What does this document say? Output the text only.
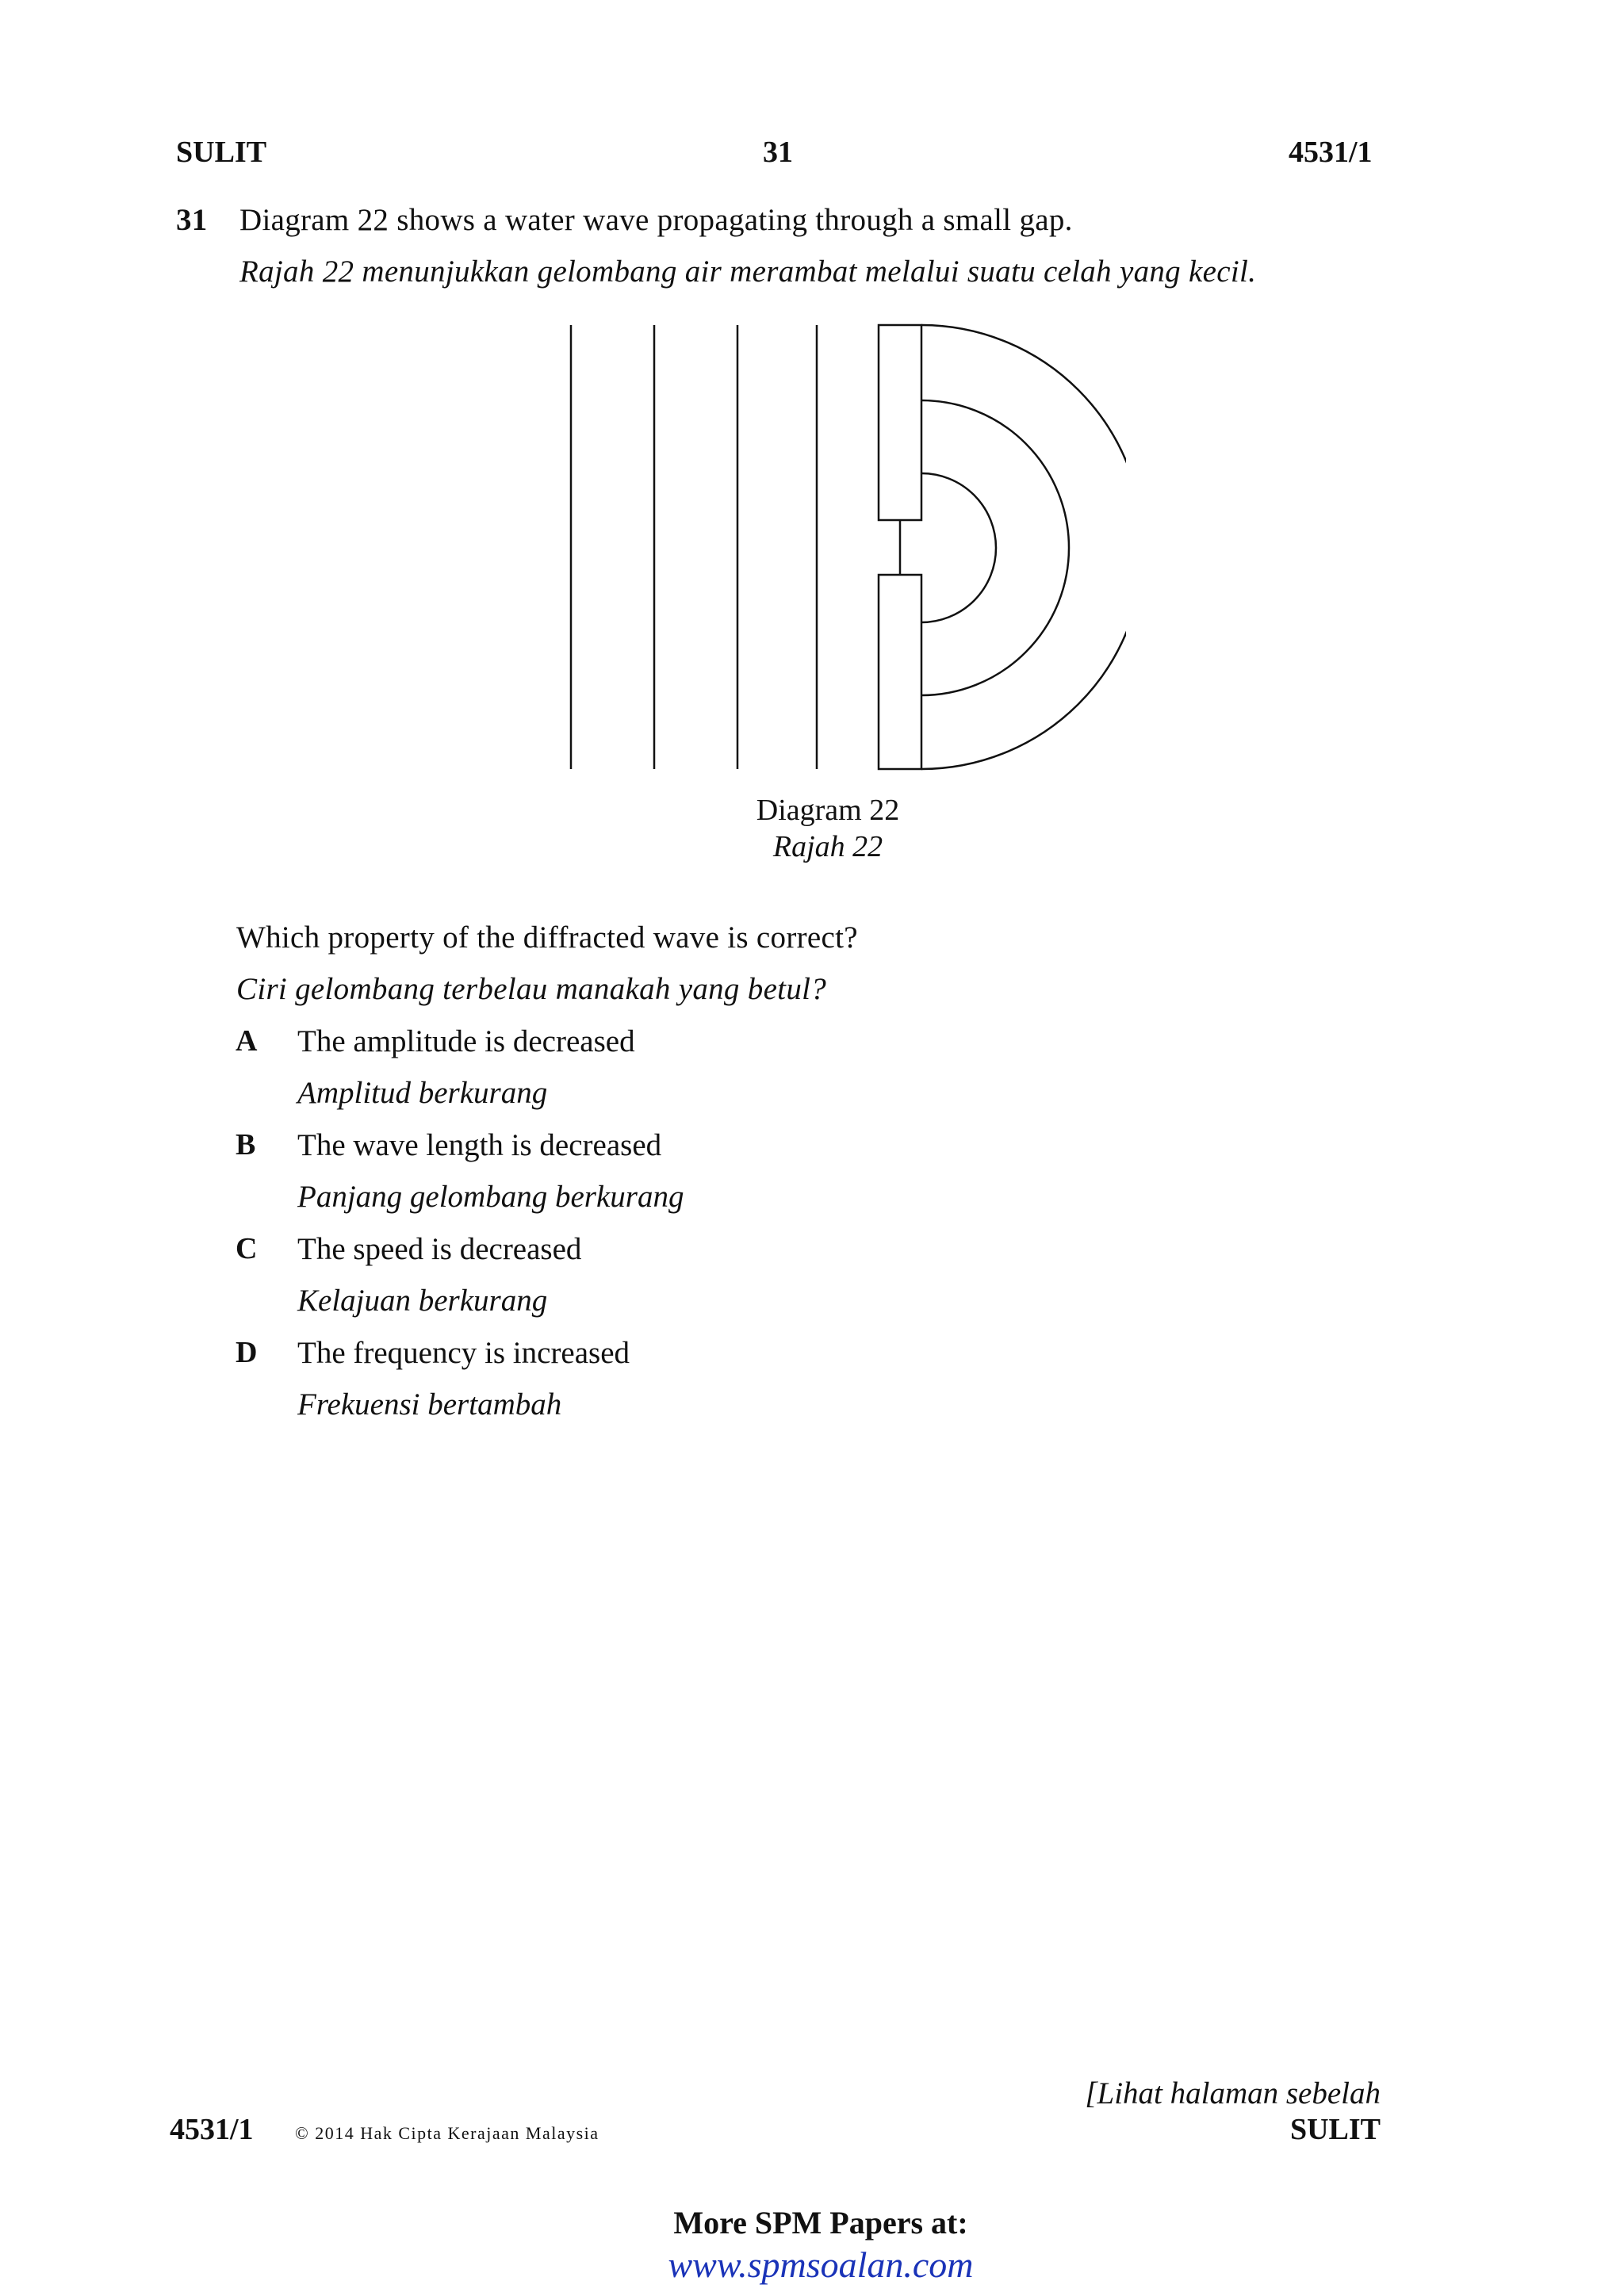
SULIT	31	4531/1
31 Diagram 22 shows a water wave propagating through a small gap.
Rajah 22 menunjukkan gelombang air merambat melalui suatu celah yang kecil.
Diagram 22
Rajah 22
Which property of the diffracted wave is correct?
Ciri gelombang terbelau manakah yang betul?
A The amplitude is decreased
Amplitud berkurang
B The wave length is decreased
Panjang gelombang berkurang
C The speed is decreased
Kelajuan berkurang
D The frequency is increased
Frekuensi bertambah
[Lihat halaman sebelah
SULIT
4531/1 © 2014 Hak Cipta Kerajaan Malaysia
More SPM Papers at:
www.spmsoalan.com
